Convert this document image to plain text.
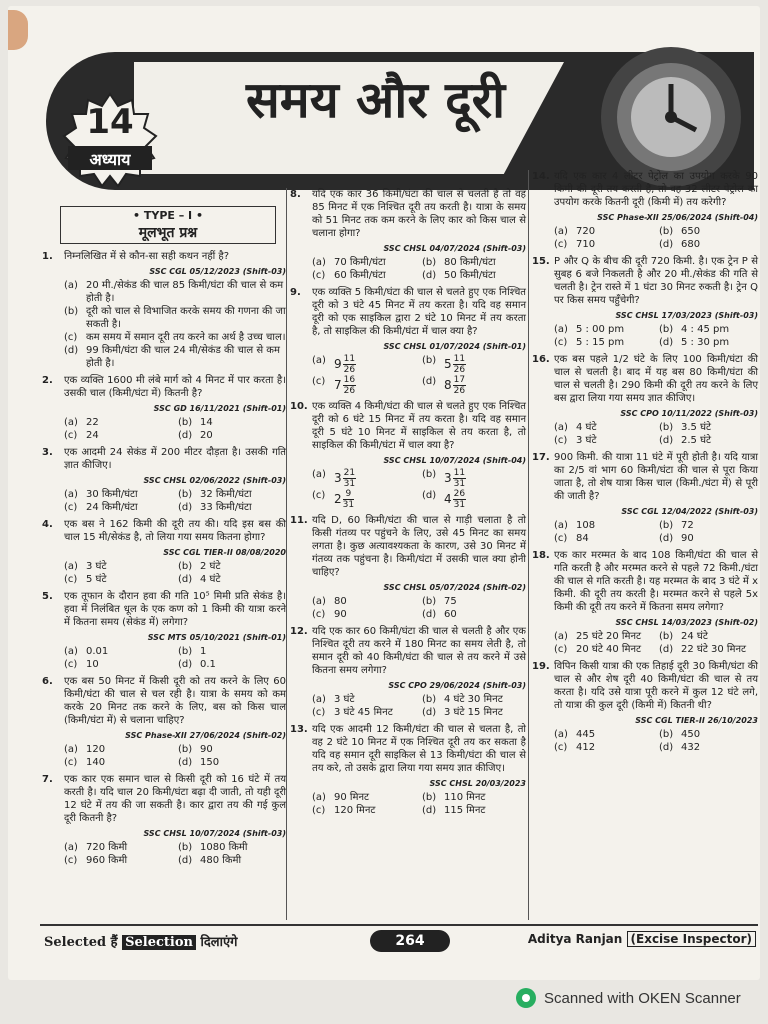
14
अध्याय
समय और दूरी
• TYPE – I •
मूलभूत प्रश्न
1.	निम्नलिखित में से कौन-सा सही कथन नहीं है?
SSC CGL 05/12/2023 (Shift-03)
(a) 20 मी./सेकंड की चाल 85 किमी/घंटा की चाल से कम होती है।
(b) दूरी को चाल से विभाजित करके समय की गणना की जा सकती है।
(c) कम समय में समान दूरी तय करने का अर्थ है उच्च चाल।
(d) 99 किमी/घंटा की चाल 24 मी/सेकंड की चाल से कम होती है।
2.	एक व्यक्ति 1600 मी लंबे मार्ग को 4 मिनट में पार करता है। उसकी चाल (किमी/घंटा में) कितनी है?
SSC GD 16/11/2021 (Shift-01)
(a) 22	(b) 14
(c) 24	(d) 20
3.	एक आदमी 24 सेकंड में 200 मीटर दौड़ता है। उसकी गति ज्ञात कीजिए।
SSC CHSL 02/06/2022 (Shift-03)
(a) 30 किमी/घंटा	(b) 32 किमी/घंटा
(c) 24 किमी/घंटा	(d) 33 किमी/घंटा
4.	एक बस ने 162 किमी की दूरी तय की। यदि इस बस की चाल 15 मी/सेकंड है, तो लिया गया समय कितना होगा?
SSC CGL TIER-II 08/08/2020
(a) 3 घंटे	(b) 2 घंटे
(c) 5 घंटे	(d) 4 घंटे
5.	एक तूफान के दौरान हवा की गति 10⁵ मिमी प्रति सेकंड है। हवा में निलंबित धूल के एक कण को 1 किमी की यात्रा करने में कितना समय (सेकंड में) लगेगा?
SSC MTS 05/10/2021 (Shift-01)
(a) 0.01	(b) 1
(c) 10	(d) 0.1
6.	एक बस 50 मिनट में किसी दूरी को तय करने के लिए 60 किमी/घंटा की चाल से चल रही है। यात्रा के समय को कम करके 20 मिनट तक करने के लिए, बस को किस चाल (किमी/घंटा में) से चलाना चाहिए?
SSC Phase-XII 27/06/2024 (Shift-02)
(a) 120	(b) 90
(c) 140	(d) 150
7.	एक कार एक समान चाल से किसी दूरी को 16 घंटे में तय करती है। यदि चाल 20 किमी/घंटा बढ़ा दी जाती, तो यही दूरी 12 घंटे में तय की जा सकती है। कार द्वारा तय की गई कुल दूरी कितनी है?
SSC CHSL 10/07/2024 (Shift-03)
(a) 720 किमी	(b) 1080 किमी
(c) 960 किमी	(d) 480 किमी
8.	यदि एक कार 36 किमी/घंटा की चाल से चलती है तो वह 85 मिनट में एक निश्चित दूरी तय करती है। यात्रा के समय को 51 मिनट तक कम करने के लिए कार को किस चाल से चलाना होगा?
SSC CHSL 04/07/2024 (Shift-03)
(a) 70 किमी/घंटा	(b) 80 किमी/घंटा
(c) 60 किमी/घंटा	(d) 50 किमी/घंटा
9.	एक व्यक्ति 5 किमी/घंटा की चाल से चलते हुए एक निश्चित दूरी को 3 घंटे 45 मिनट में तय करता है। यदि वह समान दूरी को एक साइकिल द्वारा 2 घंटे 10 मिनट में तय करता है, तो साइकिल की किमी/घंटा में चाल क्या है?
SSC CHSL 01/07/2024 (Shift-01)
(a) $9 \frac{11}{26}$	(b) $5 \frac{11}{26}$
(c) $7 \frac{16}{26}$	(d) $8 \frac{17}{26}$
10. एक व्यक्ति 4 किमी/घंटा की चाल से चलते हुए एक निश्चित दूरी को 6 घंटे 15 मिनट में तय करता है। यदि वह समान दूरी 5 घंटे 10 मिनट में साइकिल से तय करता है, तो साइकिल की किमी/घंटा में चाल क्या है?
SSC CHSL 10/07/2024 (Shift-04)
(a) $3 \frac{21}{31}$	(b) $3 \frac{11}{31}$
(c) $2 \frac{9}{31}$	(d) $4 \frac{26}{31}$
11. यदि D, 60 किमी/घंटा की चाल से गाड़ी चलाता है तो किसी गंतव्य पर पहुंचने के लिए, उसे 45 मिनट का समय लगता है। कुछ अत्यावश्यकता के कारण, उसे 30 मिनट में गंतव्य तक पहुंचना है। किमी/घंटा में उसकी चाल क्या होनी चाहिए?
SSC CHSL 05/07/2024 (Shift-02)
(a) 80	(b) 75
(c) 90	(d) 60
12. यदि एक कार 60 किमी/घंटा की चाल से चलती है और एक निश्चित दूरी तय करने में 180 मिनट का समय लेती है, तो समान दूरी को 40 किमी/घंटा की चाल से तय करने में उसे कितना समय लगेगा?
SSC CPO 29/06/2024 (Shift-03)
(a) 3 घंटे	(b) 4 घंटे 30 मिनट
(c) 3 घंटे 45 मिनट	(d) 3 घंटे 15 मिनट
13. यदि एक आदमी 12 किमी/घंटा की चाल से चलता है, तो वह 2 घंटे 10 मिनट में एक निश्चित दूरी तय कर सकता है यदि वह समान दूरी साइकिल से 13 किमी/घंटा की चाल से तय करे, तो उसके द्वारा लिया गया समय ज्ञात कीजिए।
SSC CHSL 20/03/2023
(a) 90 मिनट	(b) 110 मिनट
(c) 120 मिनट	(d) 115 मिनट
14. यदि एक कार 4 लीटर पेट्रोल का उपयोग करके 90 किमी की दूरी तय करती है, तो वह 32 लीटर पेट्रोल का उपयोग करके कितनी दूरी (किमी में) तय करेगी?
SSC Phase-XII 25/06/2024 (Shift-04)
(a) 720	(b) 650
(c) 710	(d) 680
15. P और Q के बीच की दूरी 720 किमी. है। एक ट्रेन P से सुबह 6 बजे निकलती है और 20 मी./सेकंड की गति से चलती है। ट्रेन रास्ते में 1 घंटा 30 मिनट रुकती है। ट्रेन Q पर किस समय पहुँचेगी?
SSC CHSL 17/03/2023 (Shift-03)
(a) 5 : 00 pm	(b) 4 : 45 pm
(c) 5 : 15 pm	(d) 5 : 30 pm
16. एक बस पहले 1/2 घंटे के लिए 100 किमी/घंटा की चाल से चलती है। बाद में यह बस 80 किमी/घंटा की चाल से चलती है। 290 किमी की दूरी तय करने के लिए बस द्वारा लिया गया समय ज्ञात कीजिए।
SSC CPO 10/11/2022 (Shift-03)
(a) 4 घंटे	(b) 3.5 घंटे
(c) 3 घंटे	(d) 2.5 घंटे
17. 900 किमी. की यात्रा 11 घंटे में पूरी होती है। यदि यात्रा का 2/5 वां भाग 60 किमी/घंटा की चाल से पूरा किया जाता है, तो शेष यात्रा किस चाल (किमी./घंटा में) से पूरी की जाती है?
SSC CGL 12/04/2022 (Shift-03)
(a) 108	(b) 72
(c) 84	(d) 90
18. एक कार मरम्मत के बाद 108 किमी/घंटा की चाल से गति करती है और मरम्मत करने से पहले 72 किमी./घंटा की चाल से गति करती है। यह मरम्मत के बाद 3 घंटे में x किमी. की दूरी तय करती है। मरम्मत करने से पहले 5x किमी की दूरी तय करने में कितना समय लगेगा?
SSC CHSL 14/03/2023 (Shift-02)
(a) 25 घंटे 20 मिनट (b) 24 घंटे
(c) 20 घंटे 40 मिनट (d) 22 घंटे 30 मिनट
19. विपिन किसी यात्रा की एक तिहाई दूरी 30 किमी/घंटा की चाल से और शेष दूरी 40 किमी/घंटा की चाल से तय करता है। यदि उसे यात्रा पूरी करने में कुल 12 घंटे लगे, तो यात्रा की कुल दूरी (किमी में) कितनी थी?
SSC CGL TIER-II 26/10/2023
(a) 445	(b) 450
(c) 412	(d) 432
Selected हैं Selection दिलाएंगे	264	Aditya Ranjan (Excise Inspector)
Scanned with OKEN Scanner
